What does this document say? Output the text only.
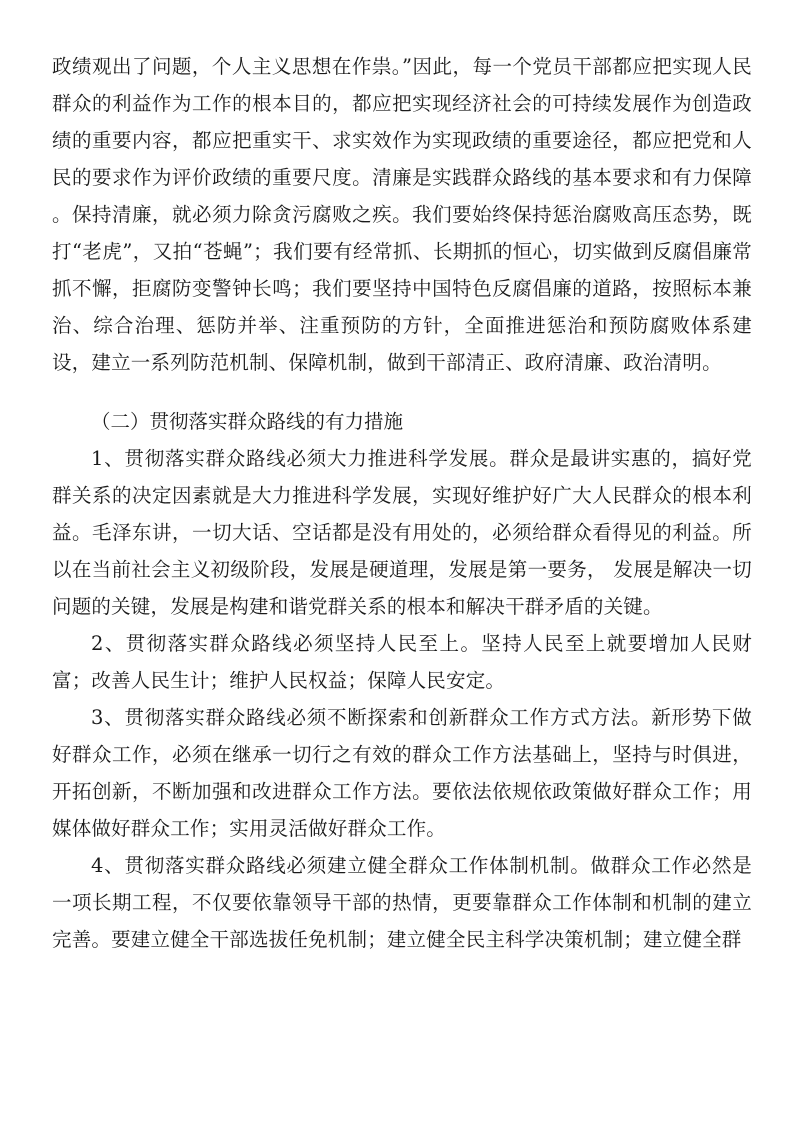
政绩观出了问题，个人主义思想在作祟。”因此，每一个党员干部都应把实现人民群众的利益作为工作的根本目的，都应把实现经济社会的可持续发展作为创造政绩的重要内容，都应把重实干、求实效作为实现政绩的重要途径，都应把党和人民的要求作为评价政绩的重要尺度。清廉是实践群众路线的基本要求和有力保障 。保持清廉，就必须力除贪污腐败之疾。我们要始终保持惩治腐败高压态势，既打“老虎”，又拍“苍蝇”；我们要有经常抓、长期抓的恒心，切实做到反腐倡廉常抓不懈，拒腐防变警钟长鸣；我们要坚持中国特色反腐倡廉的道路，按照标本兼治、综合治理、惩防并举、注重预防的方针，全面推进惩治和预防腐败体系建设，建立一系列防范机制、保障机制，做到干部清正、政府清廉、政治清明。

（二）贯彻落实群众路线的有力措施

1、贯彻落实群众路线必须大力推进科学发展。群众是最讲实惠的，搞好党群关系的决定因素就是大力推进科学发展，实现好维护好广大人民群众的根本利益。毛泽东讲，一切大话、空话都是没有用处的，必须给群众看得见的利益。所以在当前社会主义初级阶段，发展是硬道理，发展是第一要务， 发展是解决一切问题的关键，发展是构建和谐党群关系的根本和解决干群矛盾的关键。

2、贯彻落实群众路线必须坚持人民至上。坚持人民至上就要增加人民财富；改善人民生计；维护人民权益；保障人民安定。

3、贯彻落实群众路线必须不断探索和创新群众工作方式方法。新形势下做好群众工作，必须在继承一切行之有效的群众工作方法基础上，坚持与时俱进，开拓创新，不断加强和改进群众工作方法。要依法依规依政策做好群众工作；用媒体做好群众工作；实用灵活做好群众工作。

4、贯彻落实群众路线必须建立健全群众工作体制机制。做群众工作必然是一项长期工程，不仅要依靠领导干部的热情，更要靠群众工作体制和机制的建立完善。要建立健全干部选拔任免机制；建立健全民主科学决策机制；建立健全群
